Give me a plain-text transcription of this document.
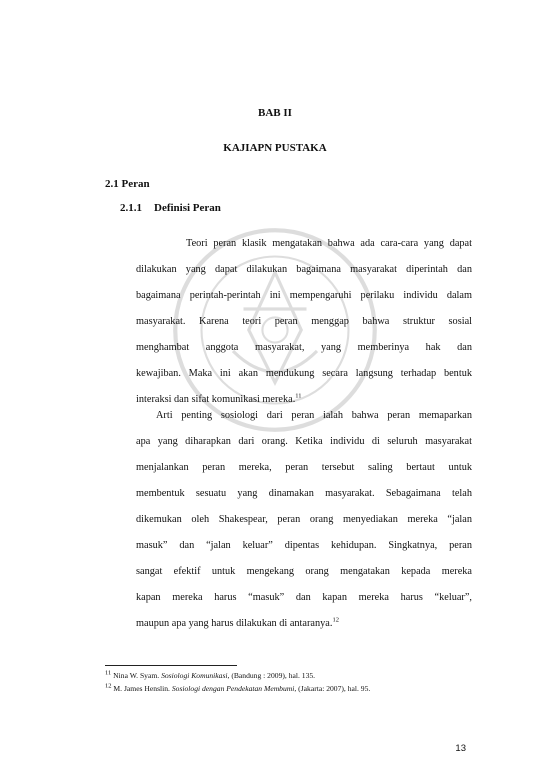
BAB II
KAJIAPN PUSTAKA
2.1 Peran
2.1.1 Definisi Peran
Teori peran klasik mengatakan bahwa ada cara-cara yang dapat
dilakukan yang dapat dilakukan bagaimana masyarakat diperintah dan
bagaimana perintah-perintah ini mempengaruhi perilaku individu dalam
masyarakat. Karena teori peran menggap bahwa struktur sosial
menghambat anggota masyarakat, yang memberinya hak dan
kewajiban. Maka ini akan mendukung secara langsung terhadap bentuk
interaksi dan sifat komunikasi mereka.$^{11}$
Arti penting sosiologi dari peran ialah bahwa peran memaparkan
apa yang diharapkan dari orang. Ketika individu di seluruh masyarakat
menjalankan peran mereka, peran tersebut saling bertaut untuk
membentuk sesuatu yang dinamakan masyarakat. Sebagaimana telah
dikemukan oleh Shakespear, peran orang menyediakan mereka “jalan
masuk” dan “jalan keluar” dipentas kehidupan. Singkatnya, peran
sangat efektif untuk mengekang orang mengatakan kepada mereka
kapan mereka harus “masuk” dan kapan mereka harus “keluar”,
maupun apa yang harus dilakukan di antaranya.$^{12}$
$^{11}$ Nina W. Syam. Sosiologi Komunikasi, (Bandung : 2009), hal. 135.
$^{12}$ M. James Henslin. Sosiologi dengan Pendekatan Membumi, (Jakarta: 2007), hal. 95.
13
